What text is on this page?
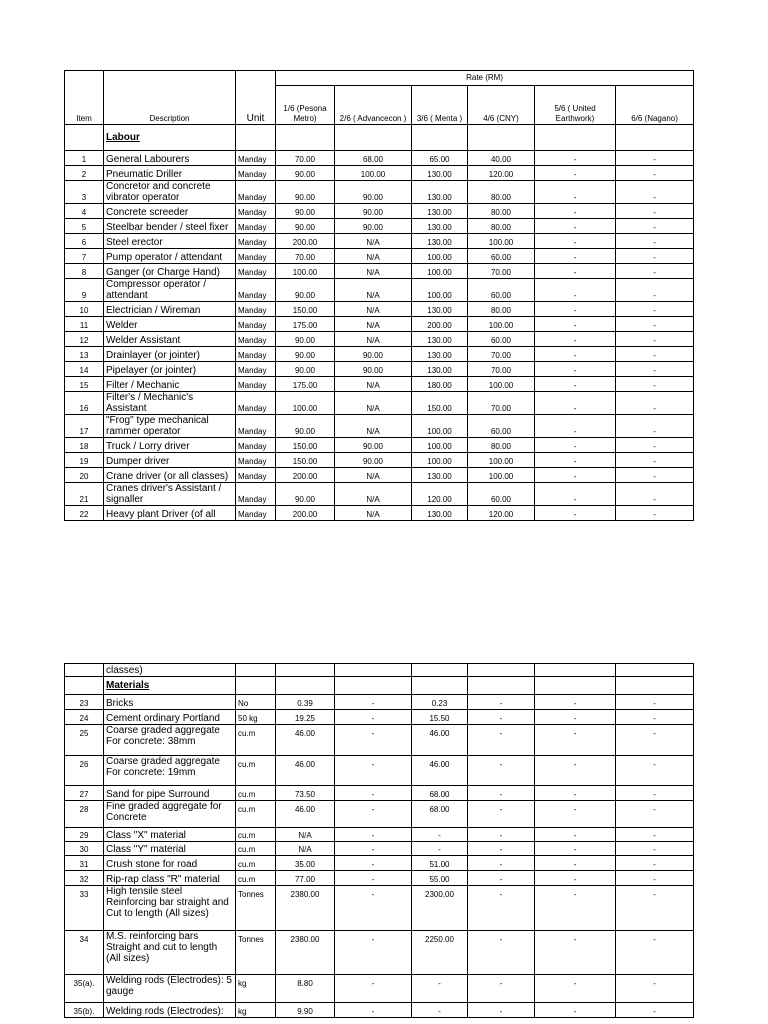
Item	Description	Unit	Rate (RM)					
			1/6 (Pesona Metro)	2/6 ( Advancecon )	3/6 ( Menta )	4/6 (CNY)	5/6 ( United Earthwork)	6/6 (Nagano)
	Labour							
1	General Labourers	Manday	70.00	68.00	65.00	40.00	-	-
2	Pneumatic Driller	Manday	90.00	100.00	130.00	120.00	-	-
3	Concretor and concrete vibrator operator	Manday	90.00	90.00	130.00	80.00	-	-
4	Concrete screeder	Manday	90.00	90.00	130.00	80.00	-	-
5	Steelbar bender / steel fixer	Manday	90.00	90.00	130.00	80.00	-	-
6	Steel erector	Manday	200.00	N/A	130.00	100.00	-	-
7	Pump operator / attendant	Manday	70.00	N/A	100.00	60.00	-	-
8	Ganger (or Charge Hand)	Manday	100.00	N/A	100.00	70.00	-	-
9	Compressor operator / attendant	Manday	90.00	N/A	100.00	60.00	-	-
10	Electrician / Wireman	Manday	150.00	N/A	130.00	80.00	-	-
11	Welder	Manday	175.00	N/A	200.00	100.00	-	-
12	Welder Assistant	Manday	90.00	N/A	130.00	60.00	-	-
13	Drainlayer (or jointer)	Manday	90.00	90.00	130.00	70.00	-	-
14	Pipelayer (or jointer)	Manday	90.00	90.00	130.00	70.00	-	-
15	Filter / Mechanic	Manday	175.00	N/A	180.00	100.00	-	-
16	Filter's / Mechanic's Assistant	Manday	100.00	N/A	150.00	70.00	-	-
17	"Frog" type mechanical rammer operator	Manday	90.00	N/A	100.00	60.00	-	-
18	Truck / Lorry driver	Manday	150.00	90.00	100.00	80.00	-	-
19	Dumper driver	Manday	150.00	90.00	100.00	100.00	-	-
20	Crane driver (or all classes)	Manday	200.00	N/A	130.00	100.00	-	-
21	Cranes driver's Assistant / signaller	Manday	90.00	N/A	120.00	60.00	-	-
22	Heavy plant Driver (of all	Manday	200.00	N/A	130.00	120.00	-	-
	classes)							
	Materials							
23	Bricks	No	0.39	-	0.23	-	-	-
24	Cement ordinary Portland	50 kg	19.25	-	15.50	-	-	-
25	Coarse graded aggregate For concrete: 38mm	cu.m	46.00	-	46.00	-	-	-
26	Coarse graded aggregate For concrete: 19mm	cu.m	46.00	-	46.00	-	-	-
27	Sand for pipe Surround	cu.m	73.50	-	68.00	-	-	-
28	Fine graded aggregate for Concrete	cu.m	46.00	-	68.00	-	-	-
29	Class "X" material	cu.m	N/A	-	-	-	-	-
30	Class "Y" material	cu.m	N/A	-	-	-	-	-
31	Crush stone for road	cu.m	35.00	-	51.00	-	-	-
32	Rip-rap class "R" material	cu.m	77.00	-	55.00	-	-	-
33	High tensile steel Reinforcing bar straight and Cut to length (All sizes)	Tonnes	2380.00	-	2300.00	-	-	-
34	M.S. reinforcing bars Straight and cut to length (All sizes)	Tonnes	2380.00	-	2250.00	-	-	-
35(a).	Welding rods (Electrodes): 5 gauge	kg	8.80	-	-	-	-	-
35(b).	Welding rods (Electrodes):	kg	9.90	-	-	-	-	-
